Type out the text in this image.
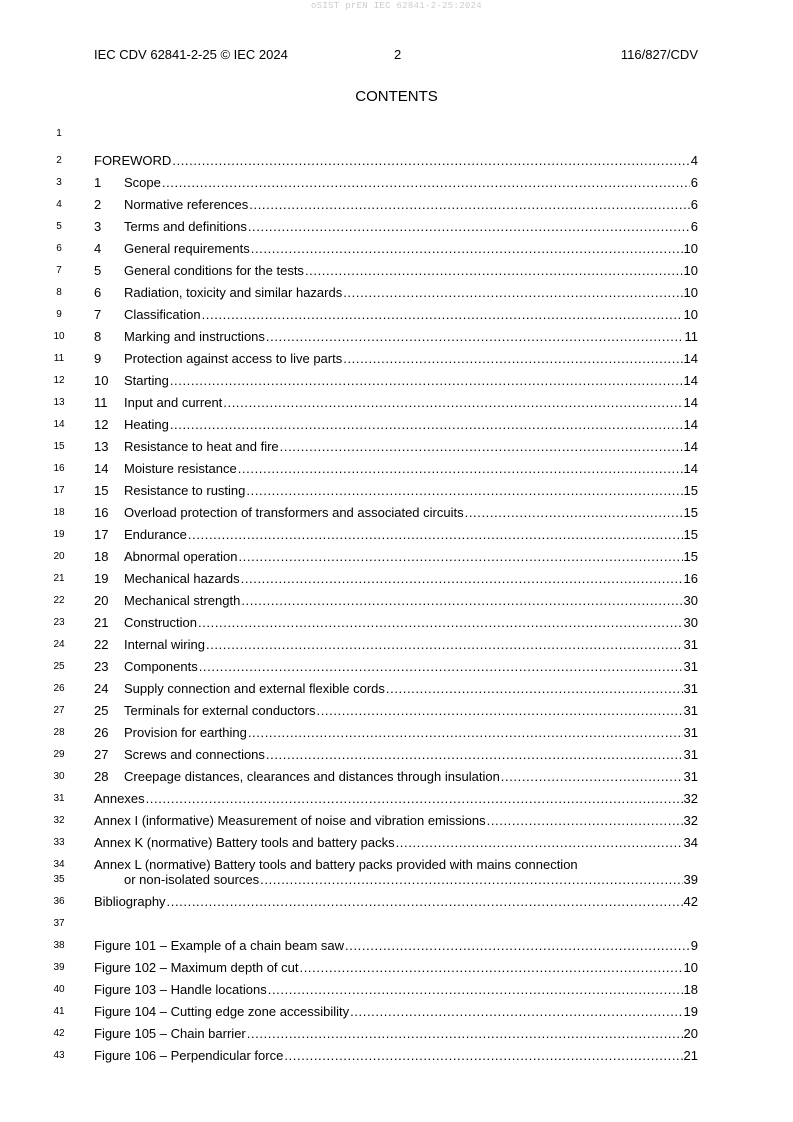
oSIST prEN IEC 62841-2-25:2024
IEC CDV 62841-2-25 © IEC 2024	2	116/827/CDV
CONTENTS
1
2	FOREWORD .....	4
3	1	Scope .....	6
4	2	Normative references .....	6
5	3	Terms and definitions .....	6
6	4	General requirements .....	10
7	5	General conditions for the tests .....	10
8	6	Radiation, toxicity and similar hazards .....	10
9	7	Classification .....	10
10	8	Marking and instructions .....	11
11	9	Protection against access to live parts .....	14
12	10	Starting .....	14
13	11	Input and current .....	14
14	12	Heating .....	14
15	13	Resistance to heat and fire .....	14
16	14	Moisture resistance .....	14
17	15	Resistance to rusting .....	15
18	16	Overload protection of transformers and associated circuits .....	15
19	17	Endurance .....	15
20	18	Abnormal operation .....	15
21	19	Mechanical hazards .....	16
22	20	Mechanical strength .....	30
23	21	Construction .....	30
24	22	Internal wiring .....	31
25	23	Components .....	31
26	24	Supply connection and external flexible cords .....	31
27	25	Terminals for external conductors .....	31
28	26	Provision for earthing .....	31
29	27	Screws and connections .....	31
30	28	Creepage distances, clearances and distances through insulation .....	31
31	Annexes .....	32
32	Annex I (informative) Measurement of noise and vibration emissions .....	32
33	Annex K (normative) Battery tools and battery packs .....	34
34	Annex L (normative) Battery tools and battery packs provided with mains connection
35	or non-isolated sources .....	39
36	Bibliography .....	42
37
38	Figure 101 – Example of a chain beam saw .....	9
39	Figure 102 – Maximum depth of cut .....	10
40	Figure 103 – Handle locations .....	18
41	Figure 104 – Cutting edge zone accessibility .....	19
42	Figure 105 – Chain barrier .....	20
43	Figure 106 – Perpendicular force .....	21
